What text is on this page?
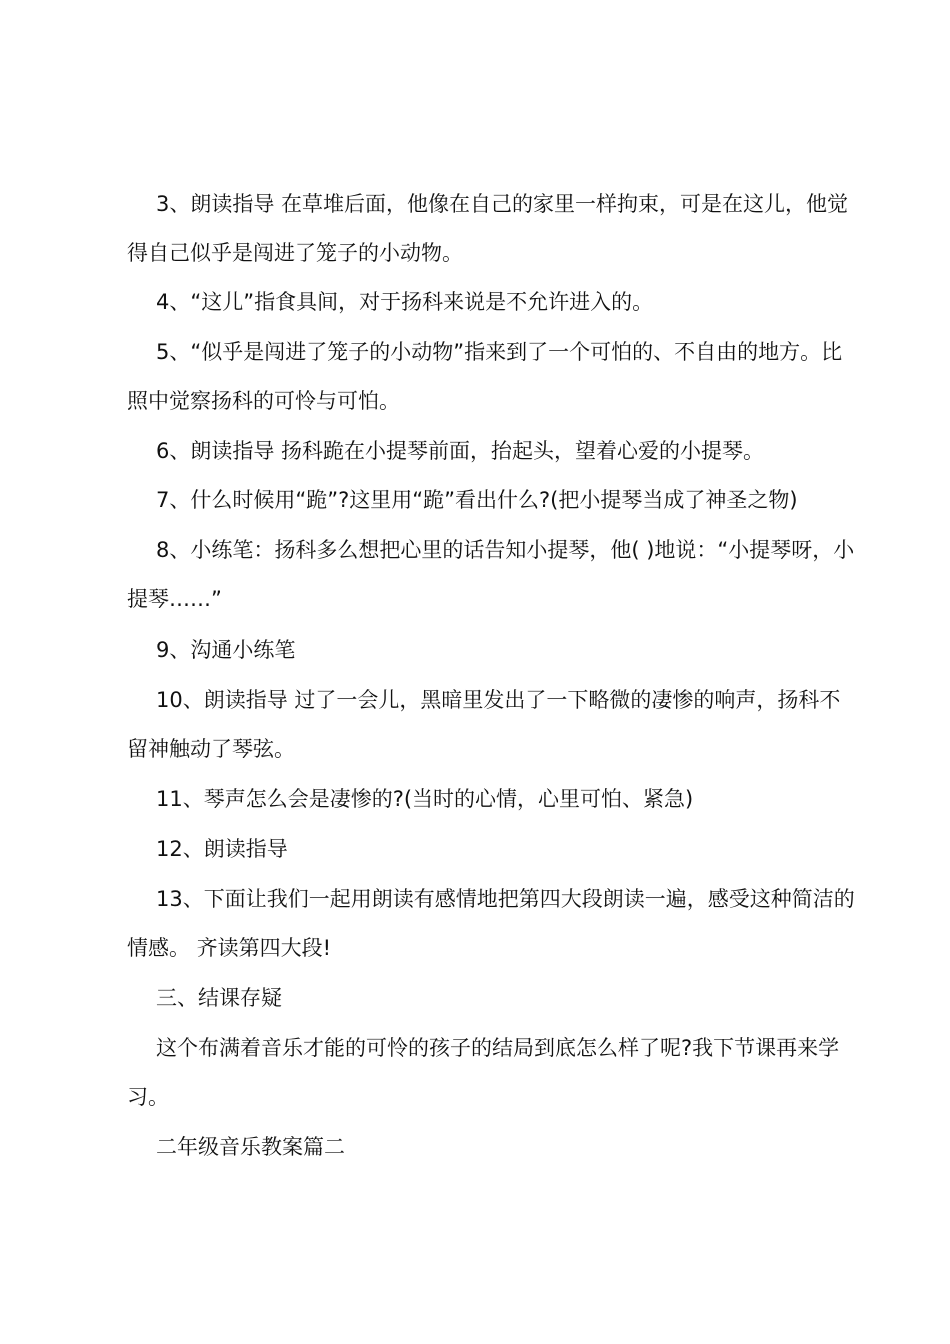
3、朗读指导 在草堆后面，他像在自己的家里一样拘束，可是在这儿，他觉得自己似乎是闯进了笼子的小动物。

4、“这儿”指食具间，对于扬科来说是不允许进入的。

5、“似乎是闯进了笼子的小动物”指来到了一个可怕的、不自由的地方。比照中觉察扬科的可怜与可怕。

6、朗读指导 扬科跪在小提琴前面，抬起头，望着心爱的小提琴。

7、什么时候用“跪”?这里用“跪”看出什么?(把小提琴当成了神圣之物)

8、小练笔：扬科多么想把心里的话告知小提琴，他( )地说：“小提琴呀，小提琴……”

9、沟通小练笔

10、朗读指导 过了一会儿，黑暗里发出了一下略微的凄惨的响声，扬科不留神触动了琴弦。

11、琴声怎么会是凄惨的?(当时的心情，心里可怕、紧急)

12、朗读指导

13、下面让我们一起用朗读有感情地把第四大段朗读一遍，感受这种简洁的情感。 齐读第四大段!

三、结课存疑

这个布满着音乐才能的可怜的孩子的结局到底怎么样了呢?我下节课再来学习。

二年级音乐教案篇二
